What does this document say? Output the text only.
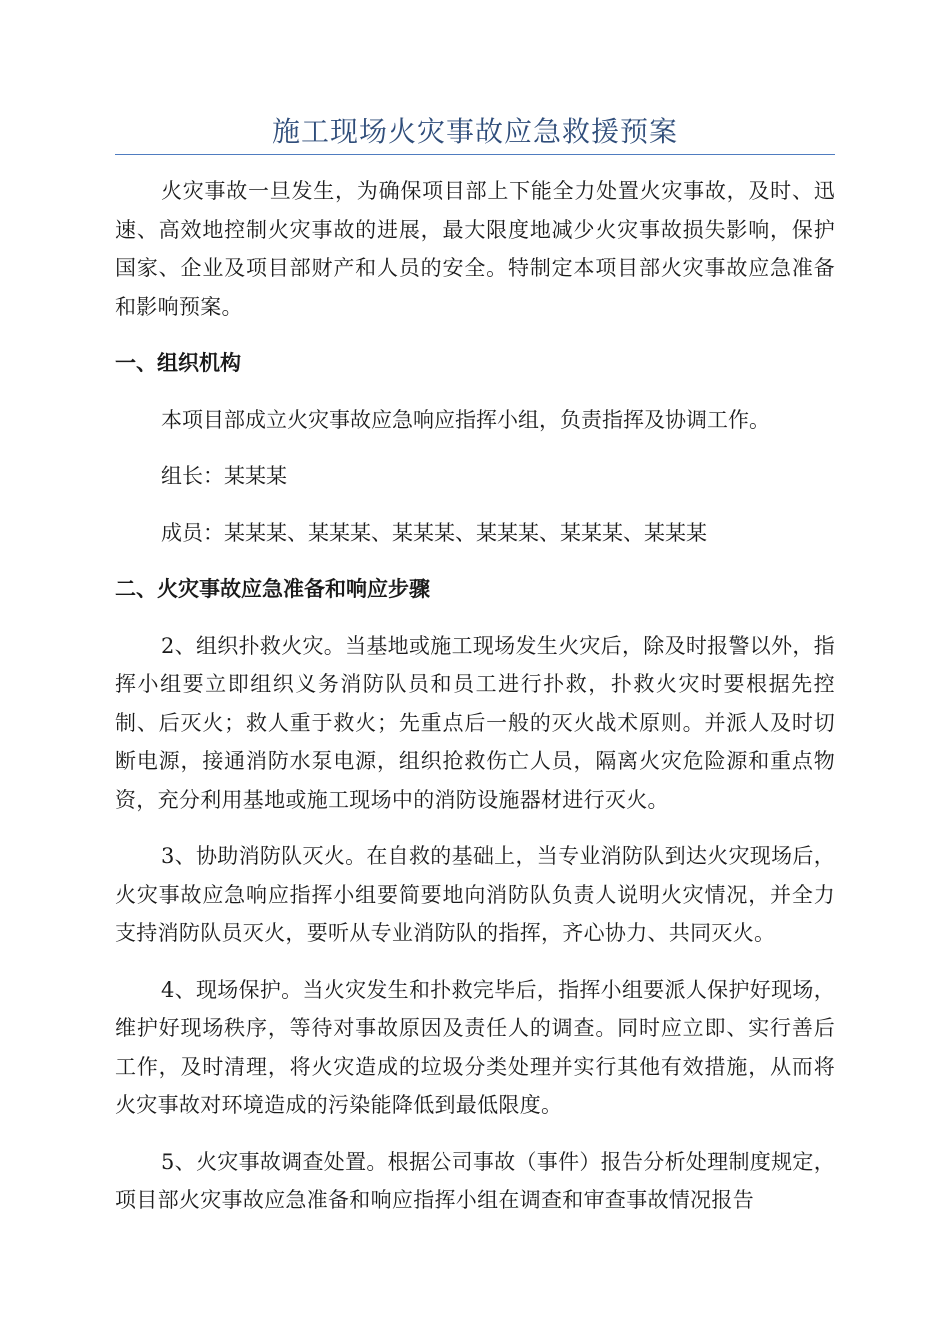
施工现场火灾事故应急救援预案

火灾事故一旦发生，为确保项目部上下能全力处置火灾事故，及时、迅速、高效地控制火灾事故的进展，最大限度地减少火灾事故损失影响，保护国家、企业及项目部财产和人员的安全。特制定本项目部火灾事故应急准备和影响预案。

一、组织机构

本项目部成立火灾事故应急响应指挥小组，负责指挥及协调工作。

组长：某某某

成员：某某某、某某某、某某某、某某某、某某某、某某某

二、火灾事故应急准备和响应步骤

2、组织扑救火灾。当基地或施工现场发生火灾后，除及时报警以外，指挥小组要立即组织义务消防队员和员工进行扑救，扑救火灾时要根据先控制、后灭火；救人重于救火；先重点后一般的灭火战术原则。并派人及时切断电源，接通消防水泵电源，组织抢救伤亡人员，隔离火灾危险源和重点物资，充分利用基地或施工现场中的消防设施器材进行灭火。

3、协助消防队灭火。在自救的基础上，当专业消防队到达火灾现场后，火灾事故应急响应指挥小组要简要地向消防队负责人说明火灾情况，并全力支持消防队员灭火，要听从专业消防队的指挥，齐心协力、共同灭火。

4、现场保护。当火灾发生和扑救完毕后，指挥小组要派人保护好现场，维护好现场秩序，等待对事故原因及责任人的调查。同时应立即、实行善后工作，及时清理，将火灾造成的垃圾分类处理并实行其他有效措施，从而将火灾事故对环境造成的污染能降低到最低限度。

5、火灾事故调查处置。根据公司事故（事件）报告分析处理制度规定，项目部火灾事故应急准备和响应指挥小组在调查和审查事故情况报告
